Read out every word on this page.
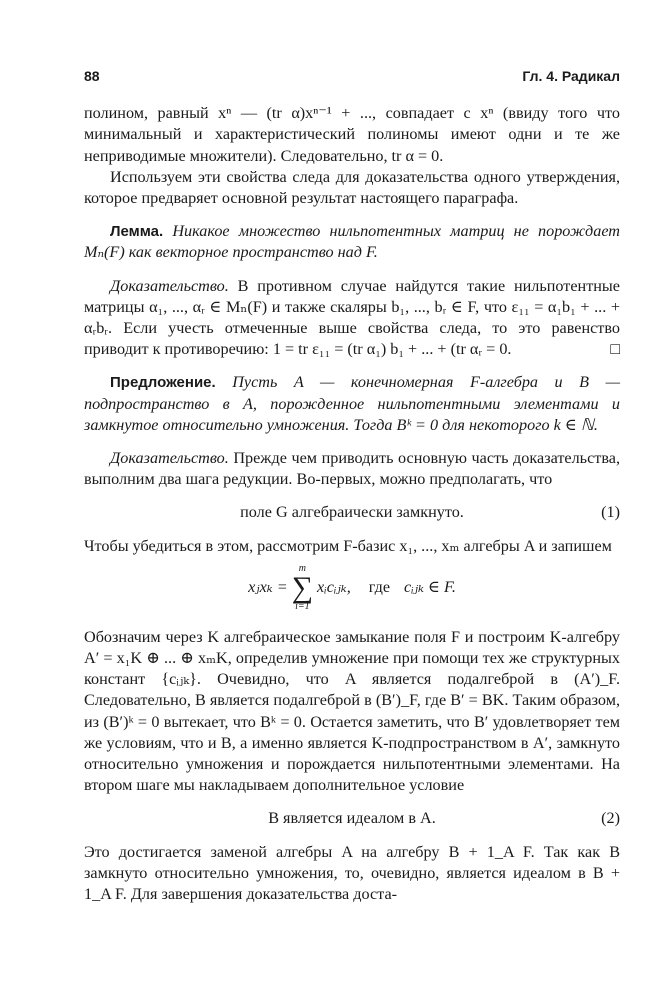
88	Гл. 4. Радикал

полином, равный xⁿ — (tr α)xⁿ⁻¹ + ..., совпадает с xⁿ (ввиду того что минимальный и характеристический полиномы имеют одни и те же неприводимые множители). Следовательно, tr α = 0.

Используем эти свойства следа для доказательства одного утверждения, которое предваряет основной результат настоящего параграфа.

Лемма. Никакое множество нильпотентных матриц не порождает Mₙ(F) как векторное пространство над F.

Доказательство. В противном случае найдутся такие нильпотентные матрицы α₁, ..., αᵣ ∈ Mₙ(F) и также скаляры b₁, ..., bᵣ ∈ F, что ε₁₁ = α₁b₁ + ... + αᵣbᵣ. Если учесть отмеченные выше свойства следа, то это равенство приводит к противоречию: 1 = tr ε₁₁ = (tr α₁) b₁ + ... + (tr αᵣ = 0.	□

Предложение. Пусть A — конечномерная F-алгебра и B — подпространство в A, порожденное нильпотентными элементами и замкнутое относительно умножения. Тогда Bᵏ = 0 для некоторого k ∈ ℕ.

Доказательство. Прежде чем приводить основную часть доказательства, выполним два шага редукции. Во-первых, можно предполагать, что

поле G алгебраически замкнуто.	(1)

Чтобы убедиться в этом, рассмотрим F-базис x₁, ..., xₘ алгебры A и запишем

xⱼxₖ =
m
∑
i=1
xᵢcᵢⱼₖ, где cᵢⱼₖ ∈ F.

Обозначим через K алгебраическое замыкание поля F и построим K-алгебру A′ = x₁K ⊕ ... ⊕ xₘK, определив умножение при помощи тех же структурных констант {cᵢⱼₖ}. Очевидно, что A является подалгеброй в (A′)_F. Следовательно, B является подалгеброй в (B′)_F, где B′ = BK. Таким образом, из (B′)ᵏ = 0 вытекает, что Bᵏ = 0. Остается заметить, что B′ удовлетворяет тем же условиям, что и B, а именно является K-подпространством в A′, замкнуто относительно умножения и порождается нильпотентными элементами. На втором шаге мы накладываем дополнительное условие

B является идеалом в A.	(2)

Это достигается заменой алгебры A на алгебру B + 1_A F. Так как B замкнуто относительно умножения, то, очевидно, является идеалом в B + 1_A F. Для завершения доказательства доста-
